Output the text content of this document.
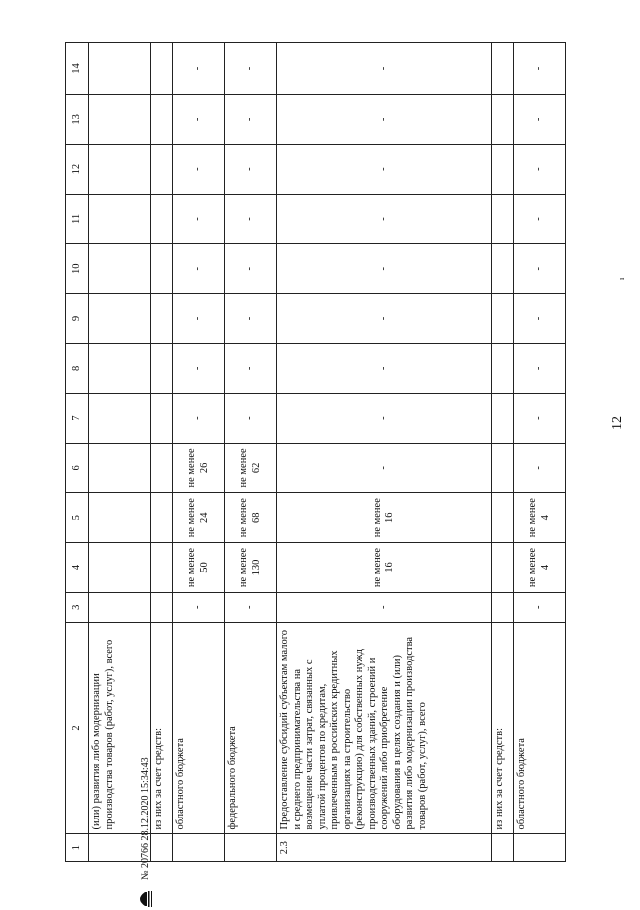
12
ı
1	2	3	4	5	6	7	8	9	10	11	12	13	14
	(или) развития либо модернизации производства товаров (работ, услуг), всего												
	из них за счет средств:												
	областного бюджета	-	не менее 50	не менее 24	не менее 26	-	-	-	-	-	-	-	-
	федерального бюджета	-	не менее 130	не менее 68	не менее 62	-	-	-	-	-	-	-	-
2.3	Предоставление субсидий субъектам малого и среднего предпринимательства на возмещение части затрат, связанных с уплатой процентов по кредитам, привлеченным в российских кредитных организациях на строительство (реконструкцию) для собственных нужд производственных зданий, строений и сооружений либо приобретение оборудования в целях создания и (или) развития либо модернизации производства товаров (работ, услуг), всего	-	не менее 16	не менее 16	-	-	-	-	-	-	-	-	-
	из них за счет средств:												
	областного бюджета	-	не менее 4	не менее 4	-	-	-	-	-	-	-	-	-
№ 20766 28.12.2020 15:34:43
